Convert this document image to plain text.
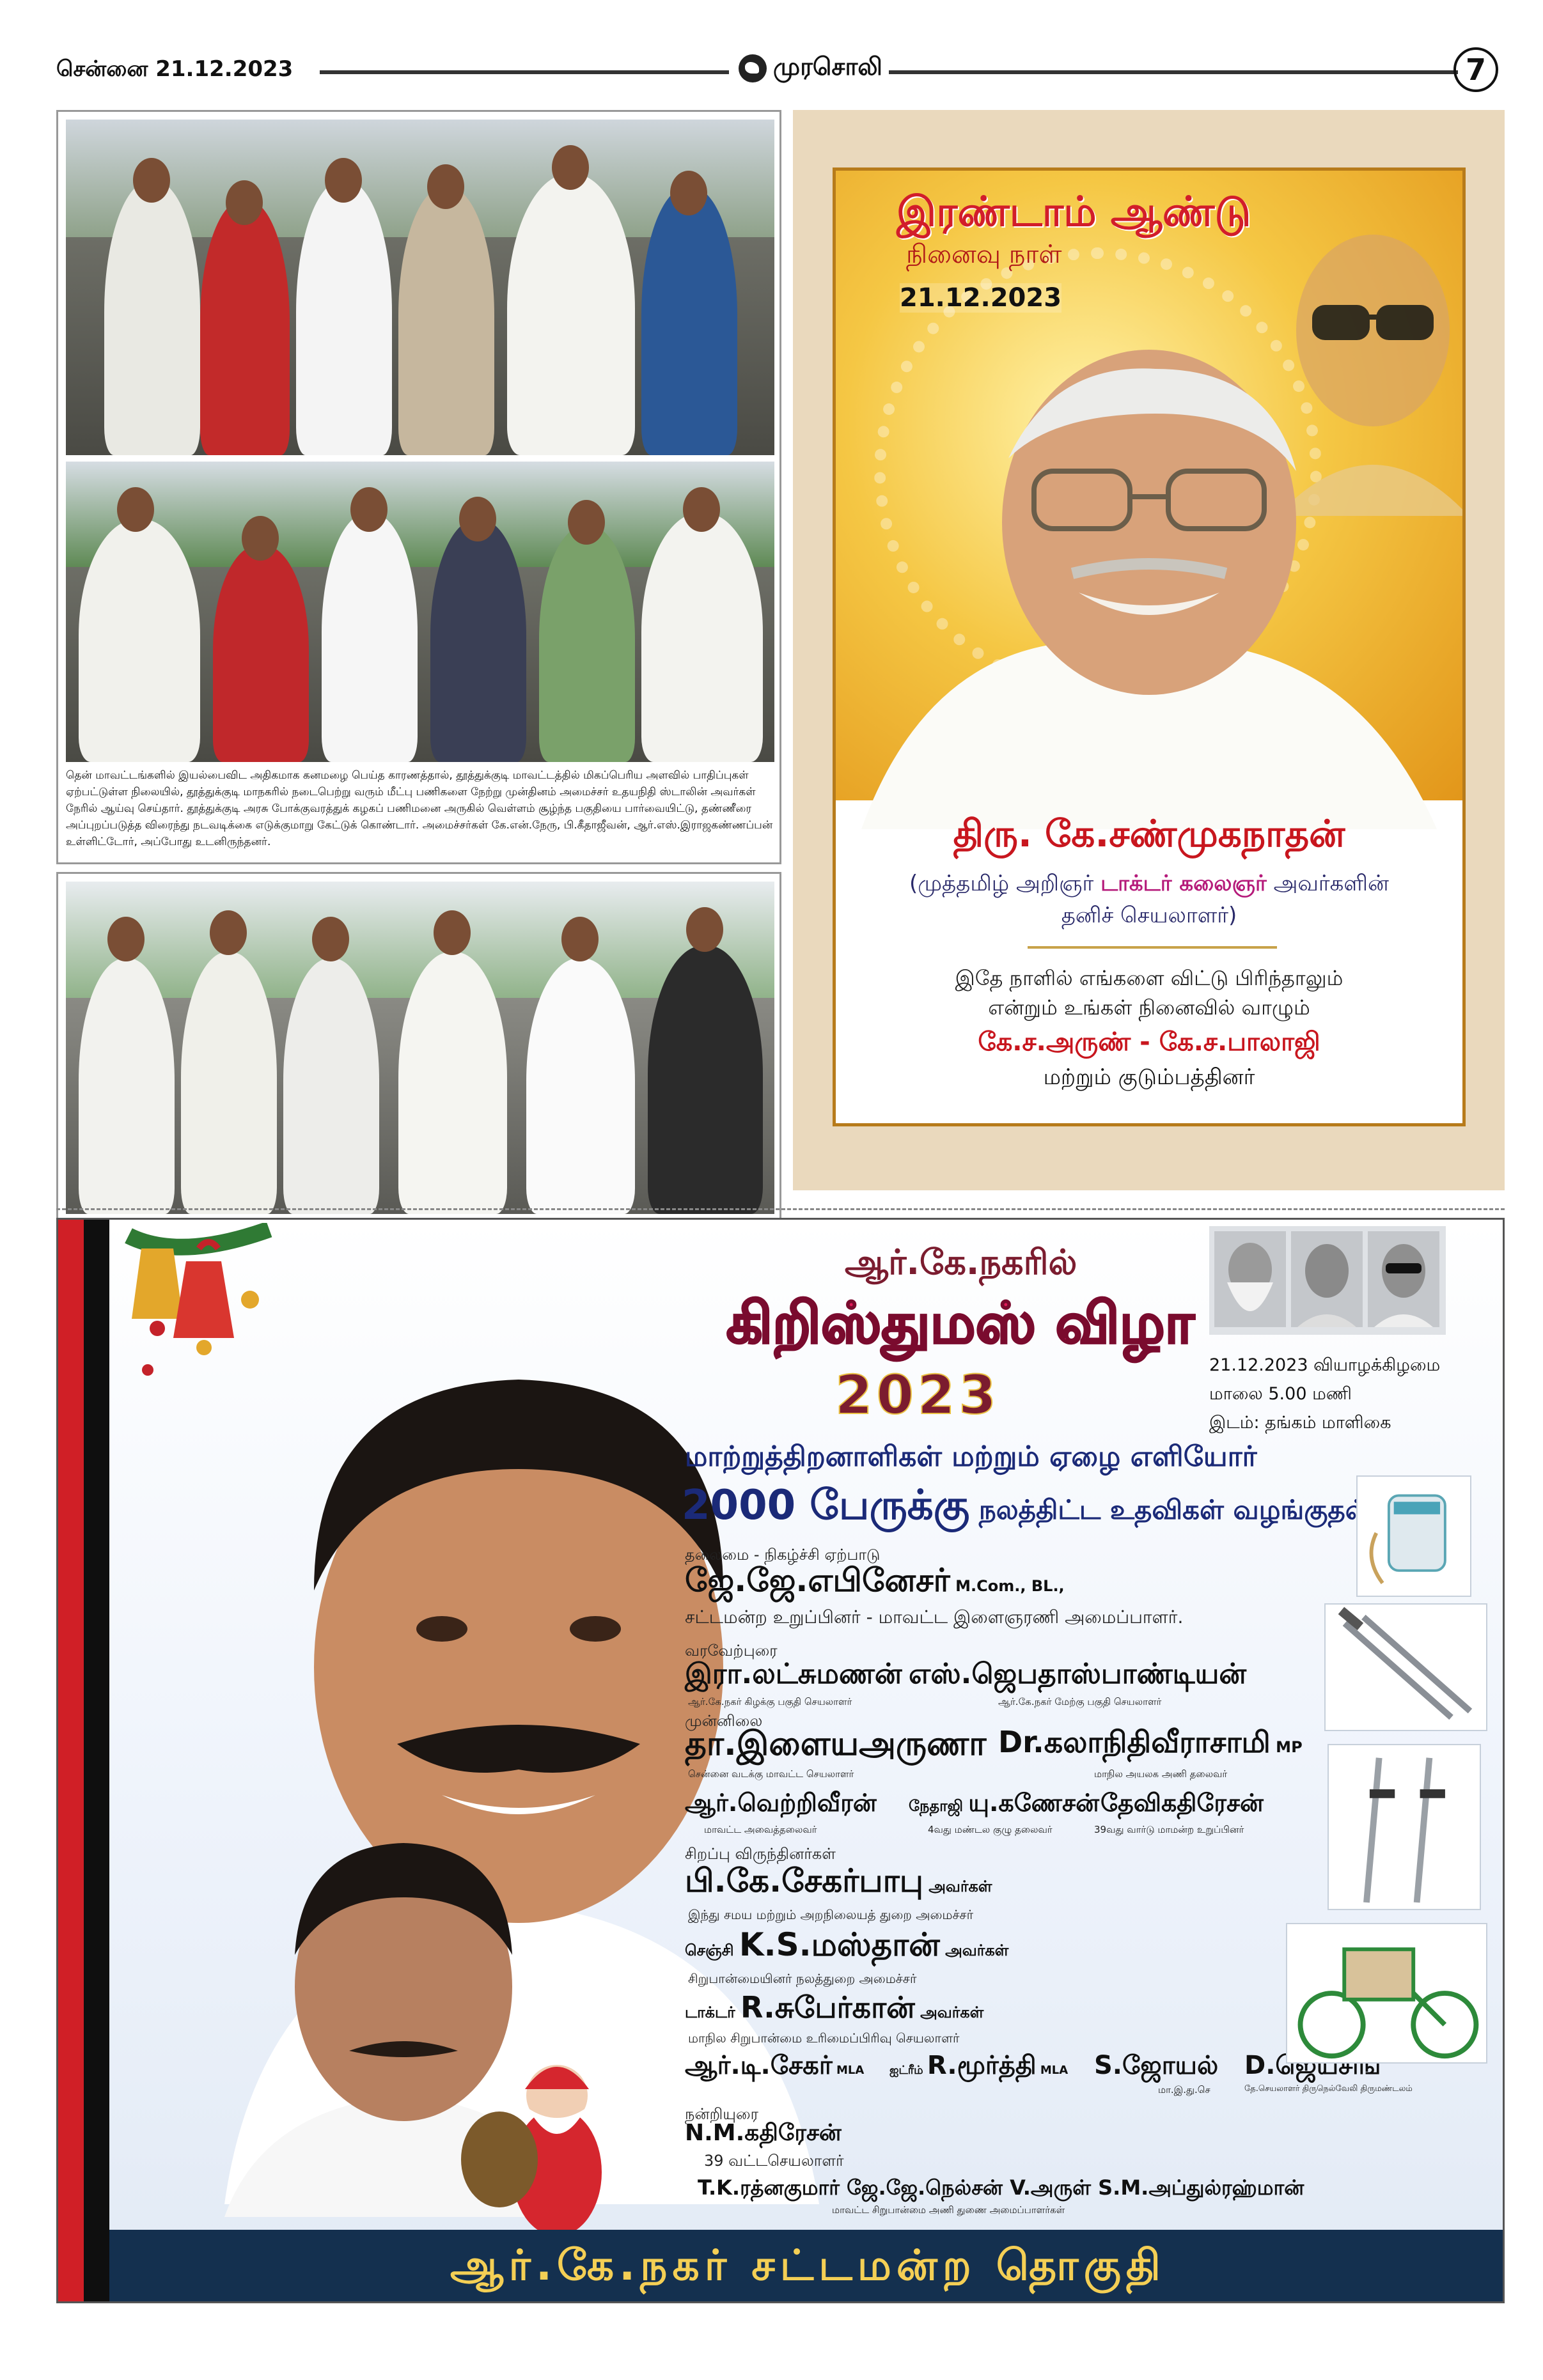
சென்னை 21.12.2023	முரசொலி	7
தென் மாவட்டங்களில் இயல்பைவிட அதிகமாக கனமழை பெய்த காரணத்தால், தூத்துக்குடி மாவட்டத்தில் மிகப்பெரிய அளவில் பாதிப்புகள் ஏற்பட்டுள்ள நிலையில், தூத்துக்குடி மாநகரில் நடைபெற்று வரும் மீட்பு பணிகளை நேற்று முன்தினம் அமைச்சர் உதயநிதி ஸ்டாலின் அவர்கள் நேரில் ஆய்வு செய்தார். தூத்துக்குடி அரசு போக்குவரத்துக் கழகப் பணிமனை அருகில் வெள்ளம் சூழ்ந்த பகுதியை பார்வையிட்டு, தண்ணீரை அப்புறப்படுத்த விரைந்து நடவடிக்கை எடுக்குமாறு கேட்டுக் கொண்டார். அமைச்சர்கள் கே.என்.நேரு, பி.கீதாஜீவன், ஆர்.எஸ்.இராஜகண்ணப்பன் உள்ளிட்டோர், அப்போது உடனிருந்தனர்.
இரண்டாம் ஆண்டு
நினைவு நாள்
21.12.2023
திரு. கே.சண்முகநாதன்
(முத்தமிழ் அறிஞர் டாக்டர் கலைஞர் அவர்களின்
தனிச் செயலாளர்)
இதே நாளில் எங்களை விட்டு பிரிந்தாலும்
என்றும் உங்கள் நினைவில் வாழும்
கே.ச.அருண் - கே.ச.பாலாஜி
மற்றும் குடும்பத்தினர்
ஆர்.கே.நகரில்
கிறிஸ்துமஸ் விழா
2023	21.12.2023 வியாழக்கிழமை
மாலை 5.00 மணி
இடம்: தங்கம் மாளிகை
மாற்றுத்திறனாளிகள் மற்றும் ஏழை எளியோர்
2000 பேருக்கு நலத்திட்ட உதவிகள் வழங்குதல்
தலைமை - நிகழ்ச்சி ஏற்பாடு
ஜே.ஜே.எபினேசர் M.Com., BL.,
சட்டமன்ற உறுப்பினர் - மாவட்ட இளைஞரணி அமைப்பாளர்.
வரவேற்புரை
இரா.லட்சுமணன்
ஆர்.கே.நகர் கிழக்கு பகுதி செயலாளர்
எஸ்.ஜெபதாஸ்பாண்டியன்
ஆர்.கே.நகர் மேற்கு பகுதி செயலாளர்
முன்னிலை
தா.இளையஅருணா
சென்னை வடக்கு மாவட்ட செயலாளர்
Dr.கலாநிதிவீராசாமி MP
மாநில அயலக அணி தலைவர்
ஆர்.வெற்றிவீரன்
மாவட்ட அவைத்தலைவர்
நேதாஜி யு.கணேசன்
4வது மண்டல குழு தலைவர்
தேவிகதிரேசன்
39வது வார்டு மாமன்ற உறுப்பினர்
சிறப்பு விருந்தினர்கள்
பி.கே.சேகர்பாபு அவர்கள்
இந்து சமய மற்றும் அறநிலையத் துறை அமைச்சர்
செஞ்சி K.S.மஸ்தான் அவர்கள்
சிறுபான்மையினர் நலத்துறை அமைச்சர்
டாக்டர் R.சுபேர்கான் அவர்கள்
மாநில சிறுபான்மை உரிமைப்பிரிவு செயலாளர்
ஆர்.டி.சேகர் MLA ஐட்ரீம் R.மூர்த்தி MLA S.ஜோயல்
மா.இ.து.செ
D.ஜெயசிங்
தே.செயலாளர் திருநெல்வேலி திருமண்டலம்
நன்றியுரை
N.M.கதிரேசன்
39 வட்டசெயலாளர்
T.K.ரத்னகுமார் ஜே.ஜே.நெல்சன் V.அருள் S.M.அப்துல்ரஹ்மான்
மாவட்ட சிறுபான்மை அணி துணை அமைப்பாளர்கள்
ஆர்.கே.நகர் சட்டமன்ற தொகுதி
